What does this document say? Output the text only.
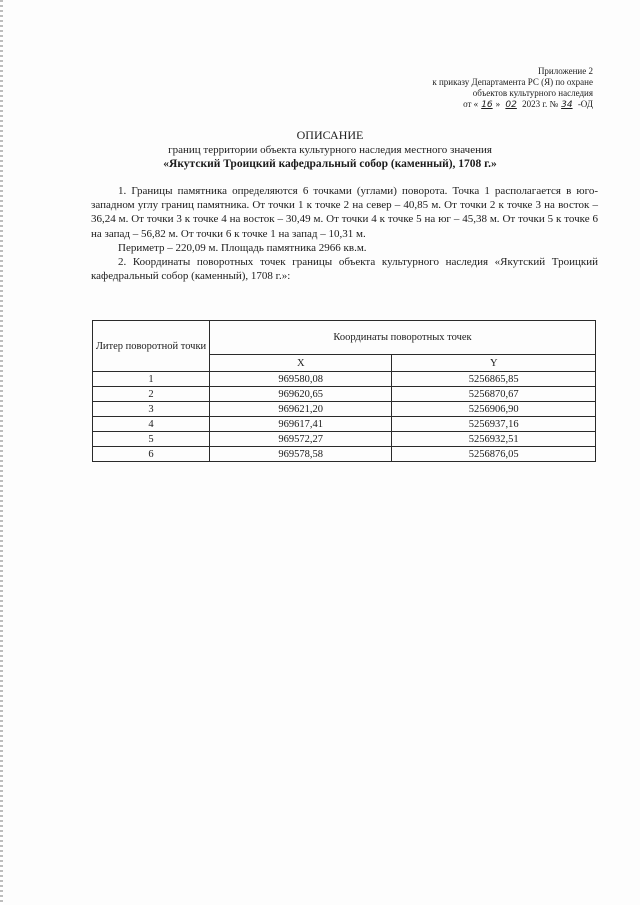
Приложение 2
к приказу Департамента РС (Я) по охране
объектов культурного наследия
от « 16 » 02 2023 г. № 34 -ОД
ОПИСАНИЕ
границ территории объекта культурного наследия местного значения
«Якутский Троицкий кафедральный собор (каменный), 1708 г.»

1. Границы памятника определяются 6 точками (углами) поворота. Точка 1 располагается в юго-западном углу границ памятника. От точки 1 к точке 2 на север – 40,85 м. От точки 2 к точке 3 на восток – 36,24 м. От точки 3 к точке 4 на восток – 30,49 м. От точки 4 к точке 5 на юг – 45,38 м. От точки 5 к точке 6 на запад – 56,82 м. От точки 6 к точке 1 на запад – 10,31 м.

Периметр – 220,09 м. Площадь памятника 2966 кв.м.

2. Координаты поворотных точек границы объекта культурного наследия «Якутский Троицкий кафедральный собор (каменный), 1708 г.»:

Литер поворотной точки	Координаты поворотных точек	
	X	Y
1	969580,08	5256865,85
2	969620,65	5256870,67
3	969621,20	5256906,90
4	969617,41	5256937,16
5	969572,27	5256932,51
6	969578,58	5256876,05
